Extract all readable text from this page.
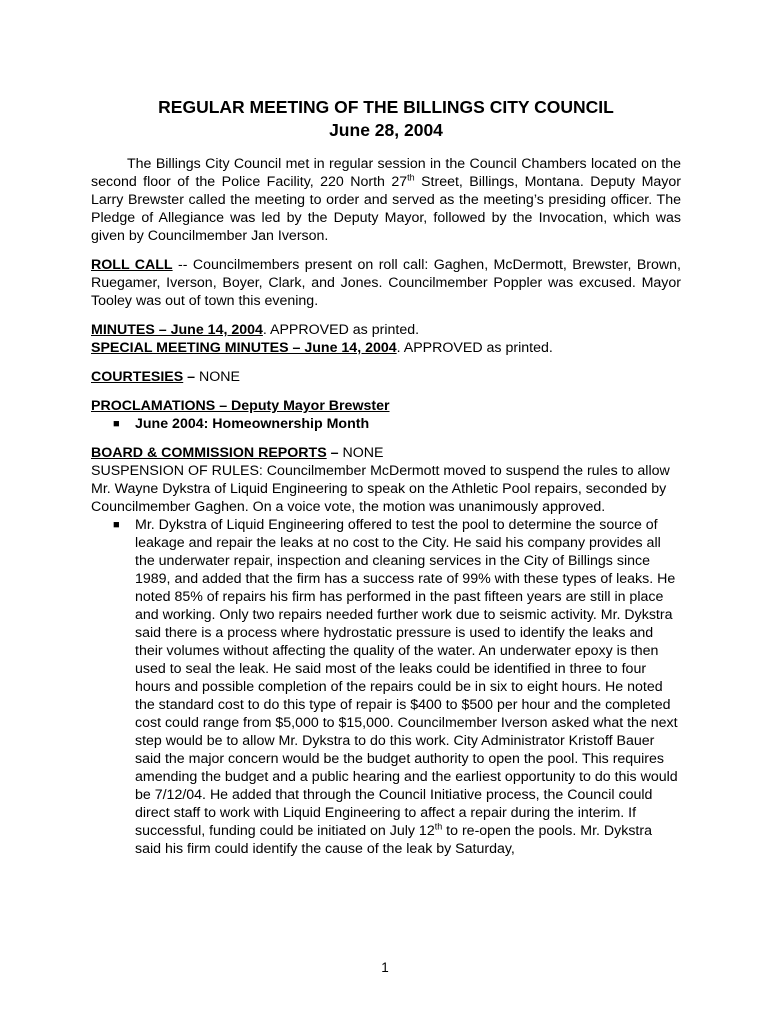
REGULAR MEETING OF THE BILLINGS CITY COUNCIL

June 28, 2004

The Billings City Council met in regular session in the Council Chambers located on the second floor of the Police Facility, 220 North 27th Street, Billings, Montana. Deputy Mayor Larry Brewster called the meeting to order and served as the meeting’s presiding officer. The Pledge of Allegiance was led by the Deputy Mayor, followed by the Invocation, which was given by Councilmember Jan Iverson.

ROLL CALL -- Councilmembers present on roll call: Gaghen, McDermott, Brewster, Brown, Ruegamer, Iverson, Boyer, Clark, and Jones. Councilmember Poppler was excused. Mayor Tooley was out of town this evening.

MINUTES – June 14, 2004. APPROVED as printed.

SPECIAL MEETING MINUTES – June 14, 2004. APPROVED as printed.

COURTESIES – NONE

PROCLAMATIONS – Deputy Mayor Brewster

■ June 2004: Homeownership Month

BOARD & COMMISSION REPORTS – NONE

SUSPENSION OF RULES: Councilmember McDermott moved to suspend the rules to allow Mr. Wayne Dykstra of Liquid Engineering to speak on the Athletic Pool repairs, seconded by Councilmember Gaghen. On a voice vote, the motion was unanimously approved.

■ Mr. Dykstra of Liquid Engineering offered to test the pool to determine the source of leakage and repair the leaks at no cost to the City. He said his company provides all the underwater repair, inspection and cleaning services in the City of Billings since 1989, and added that the firm has a success rate of 99% with these types of leaks. He noted 85% of repairs his firm has performed in the past fifteen years are still in place and working. Only two repairs needed further work due to seismic activity. Mr. Dykstra said there is a process where hydrostatic pressure is used to identify the leaks and their volumes without affecting the quality of the water. An underwater epoxy is then used to seal the leak. He said most of the leaks could be identified in three to four hours and possible completion of the repairs could be in six to eight hours. He noted the standard cost to do this type of repair is $400 to $500 per hour and the completed cost could range from $5,000 to $15,000. Councilmember Iverson asked what the next step would be to allow Mr. Dykstra to do this work. City Administrator Kristoff Bauer said the major concern would be the budget authority to open the pool. This requires amending the budget and a public hearing and the earliest opportunity to do this would be 7/12/04. He added that through the Council Initiative process, the Council could direct staff to work with Liquid Engineering to affect a repair during the interim. If successful, funding could be initiated on July 12th to re-open the pools. Mr. Dykstra said his firm could identify the cause of the leak by Saturday,
1
